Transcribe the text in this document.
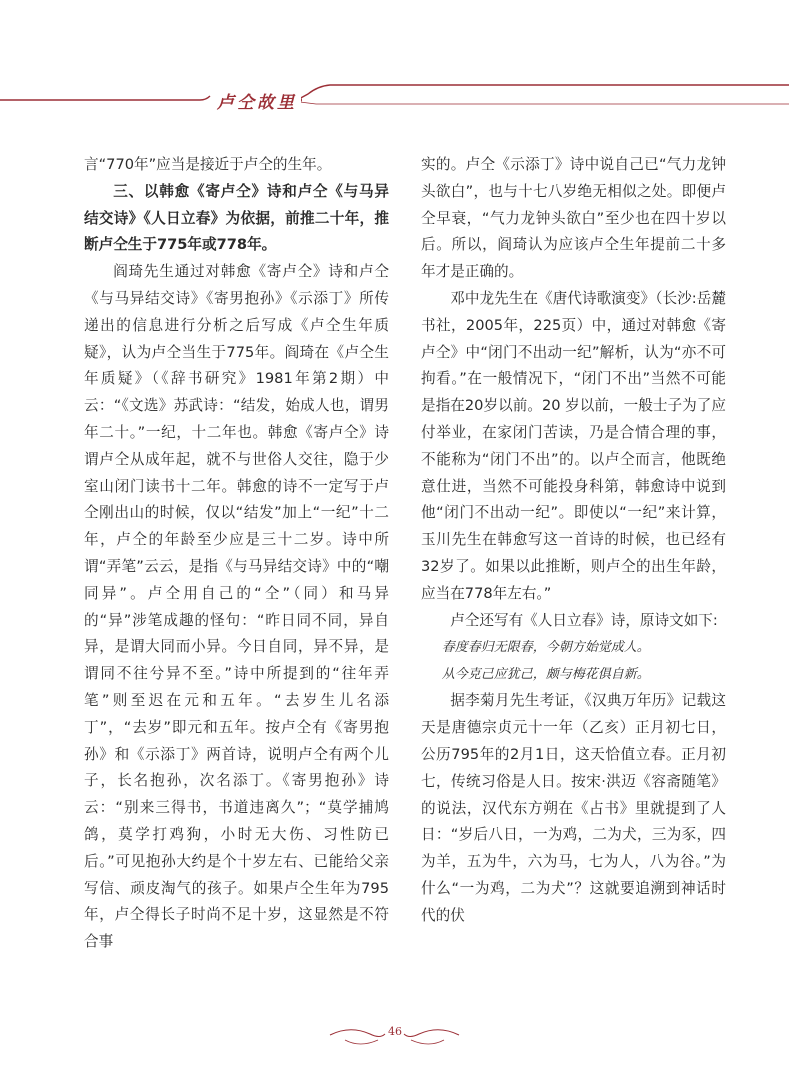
卢仝故里

言“770年”应当是接近于卢仝的生年。

三、以韩愈《寄卢仝》诗和卢仝《与马异结交诗》《人日立春》为依据，前推二十年，推断卢仝生于775年或778年。

阎琦先生通过对韩愈《寄卢仝》诗和卢仝《与马异结交诗》《寄男抱孙》《示添丁》所传递出的信息进行分析之后写成《卢仝生年质疑》，认为卢仝当生于775年。阎琦在《卢仝生年质疑》（《辞书研究》1981年第2期）中云：“《文选》苏武诗：“结发，始成人也，谓男年二十。”一纪，十二年也。韩愈《寄卢仝》诗谓卢仝从成年起，就不与世俗人交往，隐于少室山闭门读书十二年。韩愈的诗不一定写于卢仝刚出山的时候，仅以“结发”加上“一纪”十二年，卢仝的年龄至少应是三十二岁。诗中所谓“弄笔”云云，是指《与马异结交诗》中的“嘲同异”。卢仝用自己的“仝”（同）和马异的“异”涉笔成趣的怪句：“昨日同不同，异自异，是谓大同而小异。今日自同，异不异，是谓同不往兮异不至。”诗中所提到的“往年弄笔”则至迟在元和五年。“去岁生儿名添丁”，“去岁”即元和五年。按卢仝有《寄男抱孙》和《示添丁》两首诗，说明卢仝有两个儿子，长名抱孙，次名添丁。《寄男抱孙》诗云：“别来三得书，书道违离久”；“莫学捕鸠鸽，莫学打鸡狗，小时无大伤、习性防已后。”可见抱孙大约是个十岁左右、已能给父亲写信、顽皮淘气的孩子。如果卢仝生年为795年，卢仝得长子时尚不足十岁，这显然是不符合事

实的。卢仝《示添丁》诗中说自己已“气力龙钟头欲白”，也与十七八岁绝无相似之处。即便卢仝早衰，“气力龙钟头欲白”至少也在四十岁以后。所以，阎琦认为应该卢仝生年提前二十多年才是正确的。

邓中龙先生在《唐代诗歌演变》（长沙:岳麓书社，2005年，225页）中，通过对韩愈《寄卢仝》中“闭门不出动一纪”解析，认为“亦不可拘看。”在一般情况下，“闭门不出”当然不可能是指在20岁以前。20 岁以前，一般士子为了应付举业，在家闭门苦读，乃是合情合理的事，不能称为“闭门不出”的。以卢仝而言，他既绝意仕进，当然不可能投身科第，韩愈诗中说到他“闭门不出动一纪”。即使以“一纪”来计算，玉川先生在韩愈写这一首诗的时候，也已经有 32岁了。如果以此推断，则卢仝的出生年龄，应当在778年左右。”

卢仝还写有《人日立春》诗，原诗文如下:

春度春归无限春，今朝方始觉成人。

从今克己应犹己，颇与梅花俱自新。

据李菊月先生考证，《汉典万年历》记载这天是唐德宗贞元十一年（乙亥）正月初七日，公历795年的2月1日，这天恰值立春。正月初七，传统习俗是人日。按宋·洪迈《容斋随笔》的说法，汉代东方朔在《占书》里就提到了人日：“岁后八日，一为鸡，二为犬，三为豕，四为羊，五为牛，六为马，七为人，八为谷。”为什么“一为鸡，二为犬”？这就要追溯到神话时代的伏

46
